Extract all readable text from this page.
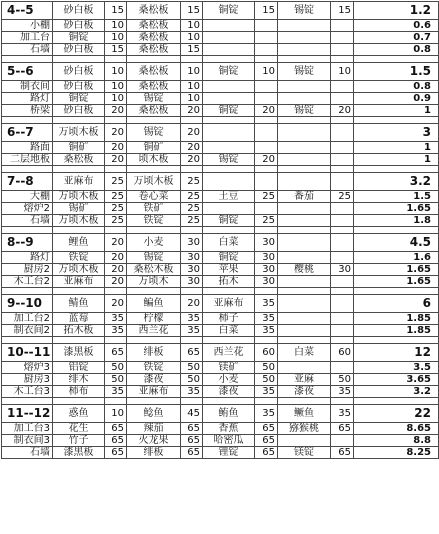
4--5	砂白板	15	桑松板	15	铜锭	15	锡锭	15	1.2
小棚	砂白板	10	桑松板	10					0.6
加工台	铜锭	10	桑松板	10					0.7
石墙	砂白板	15	桑松板	15					0.8

5--6	砂白板	10	桑松板	10	铜锭	10	锡锭	10	1.5
制衣间	砂白板	10	桑松板	10					0.8
路灯	铜锭	10	锡锭	10					0.9
桥梁	砂白板	20	桑松板	20	铜锭	20	锡锭	20	1

6--7	万顷木板	20	锡锭	20					3
路面	铜矿	20	铜矿	20					1
二层地板	桑松板	20	顷木板	20	锡锭	20			1

7--8	亚麻布	25	万顷木板	25					3.2
大棚	万顷木板	25	卷心菜	25	土豆	25	番茄	25	1.5
熔炉2	锡矿	25	铁矿	25					1.65
石墙	万顷木板	25	铁锭	25	铜锭	25			1.8

8--9	鲤鱼	20	小麦	30	白菜	30			4.5
路灯	铁锭	20	锡锭	30	铜锭	30			1.6
厨房2	万顷木板	20	桑松木板	30	苹果	30	樱桃	30	1.65
木工台2	亚麻布	20	万顷木	30	拓木	30			1.65

9--10	鲭鱼	20	鳊鱼	20	亚麻布	35			6
加工台2	蓝莓	35	柠檬	35	柿子	35			1.85
制衣间2	拓木板	35	西兰花	35	白菜	35			1.85

10--11	漆黑板	65	绯板	65	西兰花	60	白菜	60	12
熔炉3	铝锭	50	铁锭	50	镁矿	50			3.5
厨房3	绯木	50	漆夜	50	小麦	50	亚麻	50	3.65
木工台3	柿布	35	亚麻布	35	漆夜	35	漆夜	35	3.2

11--12	惑鱼	10	鲶鱼	45	鲔鱼	35	鳜鱼	35	22
加工台3	花生	65	辣茄	65	香蕉	65	猕猴桃	65	8.65
制衣间3	竹子	65	火龙果	65	哈密瓜	65			8.8
石墙	漆黑板	65	绯板	65	锂锭	65	镁锭	65	8.25
